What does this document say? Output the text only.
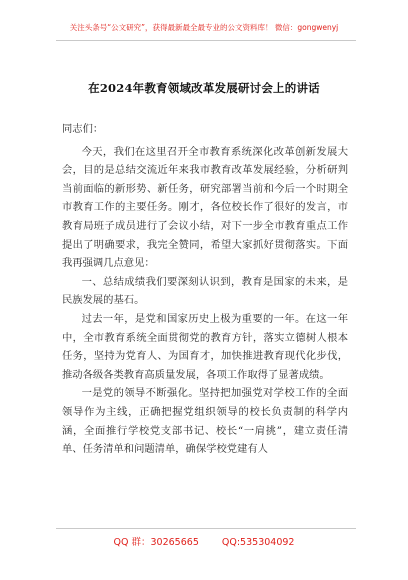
关注头条号“公文研究”，获得最新最全最专业的公文资料库！ 微信：gongwenyj
在2024年教育领域改革发展研讨会上的讲话

同志们：

今天，我们在这里召开全市教育系统深化改革创新发展大会，目的是总结交流近年来我市教育改革发展经验，分析研判当前面临的新形势、新任务，研究部署当前和今后一个时期全市教育工作的主要任务。刚才，各位校长作了很好的发言，市教育局班子成员进行了会议小结，对下一步全市教育重点工作提出了明确要求，我完全赞同，希望大家抓好贯彻落实。下面我再强调几点意见：

一、总结成绩我们要深刻认识到，教育是国家的未来，是民族发展的基石。

过去一年，是党和国家历史上极为重要的一年。在这一年中，全市教育系统全面贯彻党的教育方针，落实立德树人根本任务，坚持为党育人、为国育才，加快推进教育现代化步伐，推动各级各类教育高质量发展，各项工作取得了显著成绩。

一是党的领导不断强化。坚持把加强党对学校工作的全面领导作为主线，正确把握党组织领导的校长负责制的科学内涵，全面推行学校党支部书记、校长“一肩挑”，建立责任清单、任务清单和问题清单，确保学校党建有人

QQ 群：30265665 QQ:535304092
